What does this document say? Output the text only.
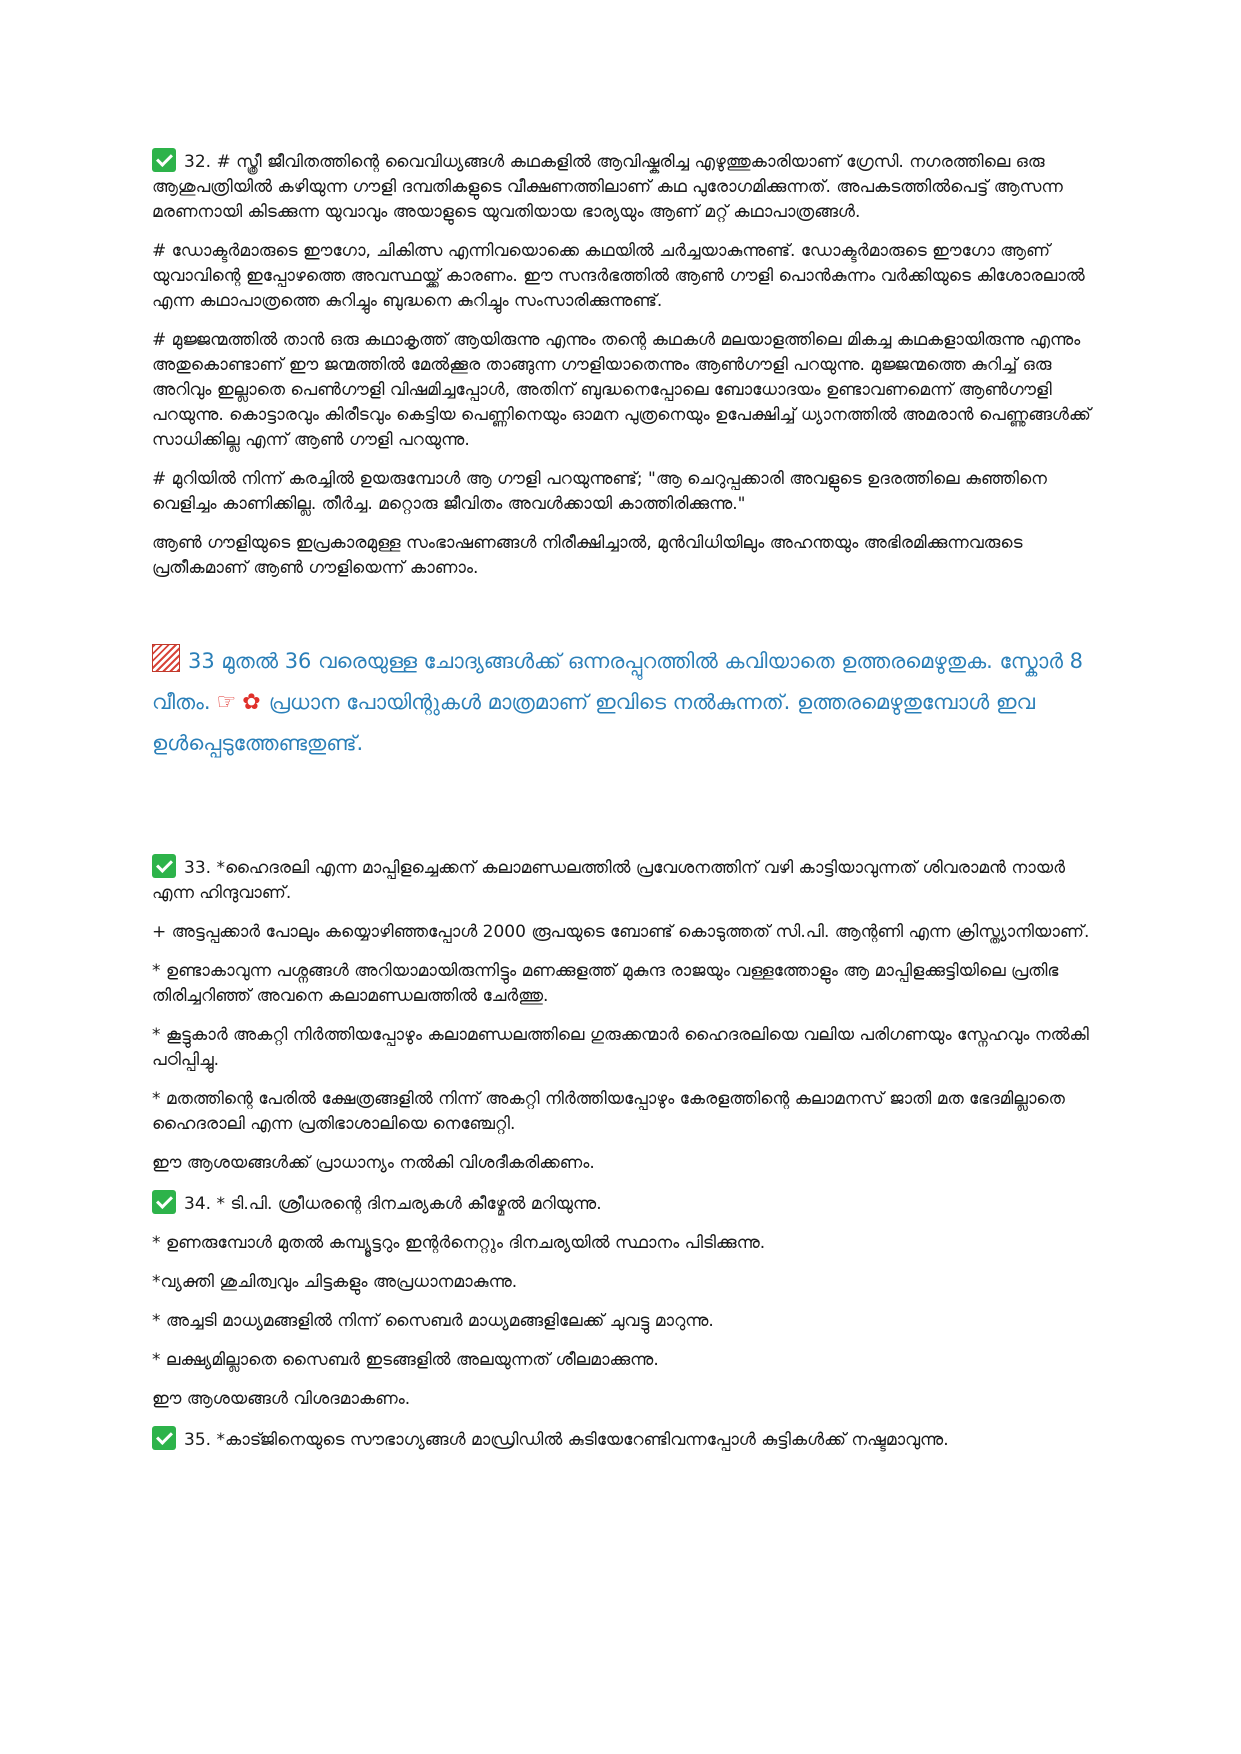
32. # സ്ത്രീ ജീവിതത്തിന്റെ വൈവിധ്യങ്ങൾ കഥകളിൽ ആവിഷ്കരിച്ച എഴുത്തുകാരിയാണ് ഗ്രേസി. നഗരത്തിലെ ഒരു ആശുപത്രിയിൽ കഴിയുന്ന ഗൗളി ദമ്പതികളുടെ വീക്ഷണത്തിലാണ് കഥ പുരോഗമിക്കുന്നത്. അപകടത്തിൽപെട്ട് ആസന്ന മരണനായി കിടക്കുന്ന യുവാവും അയാളുടെ യുവതിയായ ഭാര്യയും ആണ് മറ്റ് കഥാപാത്രങ്ങൾ.

# ഡോക്ടർമാരുടെ ഈഗോ, ചികിത്സ എന്നിവയൊക്കെ കഥയിൽ ചർച്ചയാകുന്നുണ്ട്. ഡോക്ടർമാരുടെ ഈഗോ ആണ് യുവാവിന്റെ ഇപ്പോഴത്തെ അവസ്ഥയ്ക്ക് കാരണം. ഈ സന്ദർഭത്തിൽ ആൺ ഗൗളി പൊൻകുന്നം വർക്കിയുടെ കിശോരലാൽ എന്ന കഥാപാത്രത്തെ കുറിച്ചും ബുദ്ധനെ കുറിച്ചും സംസാരിക്കുന്നുണ്ട്.

# മുജ്ജന്മത്തിൽ താൻ ഒരു കഥാകൃത്ത് ആയിരുന്നു എന്നും തന്റെ കഥകൾ മലയാളത്തിലെ മികച്ച കഥകളായിരുന്നു എന്നും അതുകൊണ്ടാണ് ഈ ജന്മത്തിൽ മേൽക്കൂര താങ്ങുന്ന ഗൗളിയാതെന്നും ആൺഗൗളി പറയുന്നു. മുജ്ജന്മത്തെ കുറിച്ച് ഒരു അറിവും ഇല്ലാതെ പെൺഗൗളി വിഷമിച്ചപ്പോൾ, അതിന് ബുദ്ധനെപ്പോലെ ബോധോദയം ഉണ്ടാവണമെന്ന് ആൺഗൗളി പറയുന്നു. കൊട്ടാരവും കിരീടവും കെട്ടിയ പെണ്ണിനെയും ഓമന പുത്രനെയും ഉപേക്ഷിച്ച് ധ്യാനത്തിൽ അമരാൻ പെണ്ണുങ്ങൾക്ക് സാധിക്കില്ല എന്ന് ആൺ ഗൗളി പറയുന്നു.

# മുറിയിൽ നിന്ന് കരച്ചിൽ ഉയരുമ്പോൾ ആ ഗൗളി പറയുന്നുണ്ട്; "ആ ചെറുപ്പക്കാരി അവളുടെ ഉദരത്തിലെ കുഞ്ഞിനെ വെളിച്ചം കാണിക്കില്ല. തീർച്ച. മറ്റൊരു ജീവിതം അവൾക്കായി കാത്തിരിക്കുന്നു."

ആൺ ഗൗളിയുടെ ഇപ്രകാരമുള്ള സംഭാഷണങ്ങൾ നിരീക്ഷിച്ചാൽ, മുൻവിധിയിലും അഹന്തയും അഭിരമിക്കുന്നവരുടെ പ്രതീകമാണ് ആൺ ഗൗളിയെന്ന് കാണാം.

33 മുതൽ 36 വരെയുള്ള ചോദ്യങ്ങൾക്ക് ഒന്നരപ്പുറത്തിൽ കവിയാതെ ഉത്തരമെഴുതുക. സ്കോർ 8 വീതം. ☞ ✿ പ്രധാന പോയിന്റുകൾ മാത്രമാണ് ഇവിടെ നൽകുന്നത്. ഉത്തരമെഴുതുമ്പോൾ ഇവ ഉൾപ്പെടുത്തേണ്ടതുണ്ട്.

33. *ഹൈദരലി എന്ന മാപ്പിളച്ചെക്കന് കലാമണ്ഡലത്തിൽ പ്രവേശനത്തിന് വഴി കാട്ടിയാവുന്നത് ശിവരാമൻ നായർ എന്ന ഹിന്ദുവാണ്.

+ അട്ടപ്പക്കാർ പോലും കയ്യൊഴിഞ്ഞപ്പോൾ 2000 രൂപയുടെ ബോണ്ട് കൊടുത്തത് സി.പി. ആന്റണി എന്ന ക്രിസ്ത്യാനിയാണ്.

* ഉണ്ടാകാവുന്ന പശ്നങ്ങൾ അറിയാമായിരുന്നിട്ടും മണക്കുളത്ത് മുകുന്ദ രാജയും വള്ളത്തോളും ആ മാപ്പിളക്കുട്ടിയിലെ പ്രതിഭ തിരിച്ചറിഞ്ഞ് അവനെ കലാമണ്ഡലത്തിൽ ചേർത്തു.

* കൂട്ടുകാർ അകറ്റി നിർത്തിയപ്പോഴും കലാമണ്ഡലത്തിലെ ഗുരുക്കന്മാർ ഹൈദരലിയെ വലിയ പരിഗണയും സ്നേഹവും നൽകി പഠിപ്പിച്ചു.

* മതത്തിന്റെ പേരിൽ ക്ഷേത്രങ്ങളിൽ നിന്ന് അകറ്റി നിർത്തിയപ്പോഴും കേരളത്തിന്റെ കലാമനസ് ജാതി മത ഭേദമില്ലാതെ ഹൈദരാലി എന്ന പ്രതിഭാശാലിയെ നെഞ്ചേറ്റി.

ഈ ആശയങ്ങൾക്ക് പ്രാധാന്യം നൽകി വിശദീകരിക്കണം.

34. * ടി.പി. ശ്രീധരന്റെ ദിനചര്യകൾ കീഴ്മേൽ മറിയുന്നു.

* ഉണരുമ്പോൾ മുതൽ കമ്പ്യൂട്ടറും ഇന്റർനെറ്റും ദിനചര്യയിൽ സ്ഥാനം പിടിക്കുന്നു.

*വ്യക്തി ശുചിത്വവും ചിട്ടകളും അപ്രധാനമാകുന്നു.

* അച്ചടി മാധ്യമങ്ങളിൽ നിന്ന് സൈബർ മാധ്യമങ്ങളിലേക്ക് ചുവട്ടു മാറുന്നു.

* ലക്ഷ്യമില്ലാതെ സൈബർ ഇടങ്ങളിൽ അലയുന്നത് ശീലമാക്കുന്നു.

ഈ ആശയങ്ങൾ വിശദമാകണം.

35. *കാട്ജിനെയുടെ സൗഭാഗ്യങ്ങൾ മാഡ്രിഡിൽ കുടിയേറേണ്ടിവന്നപ്പോൾ കുട്ടികൾക്ക് നഷ്ടമാവുന്നു.
